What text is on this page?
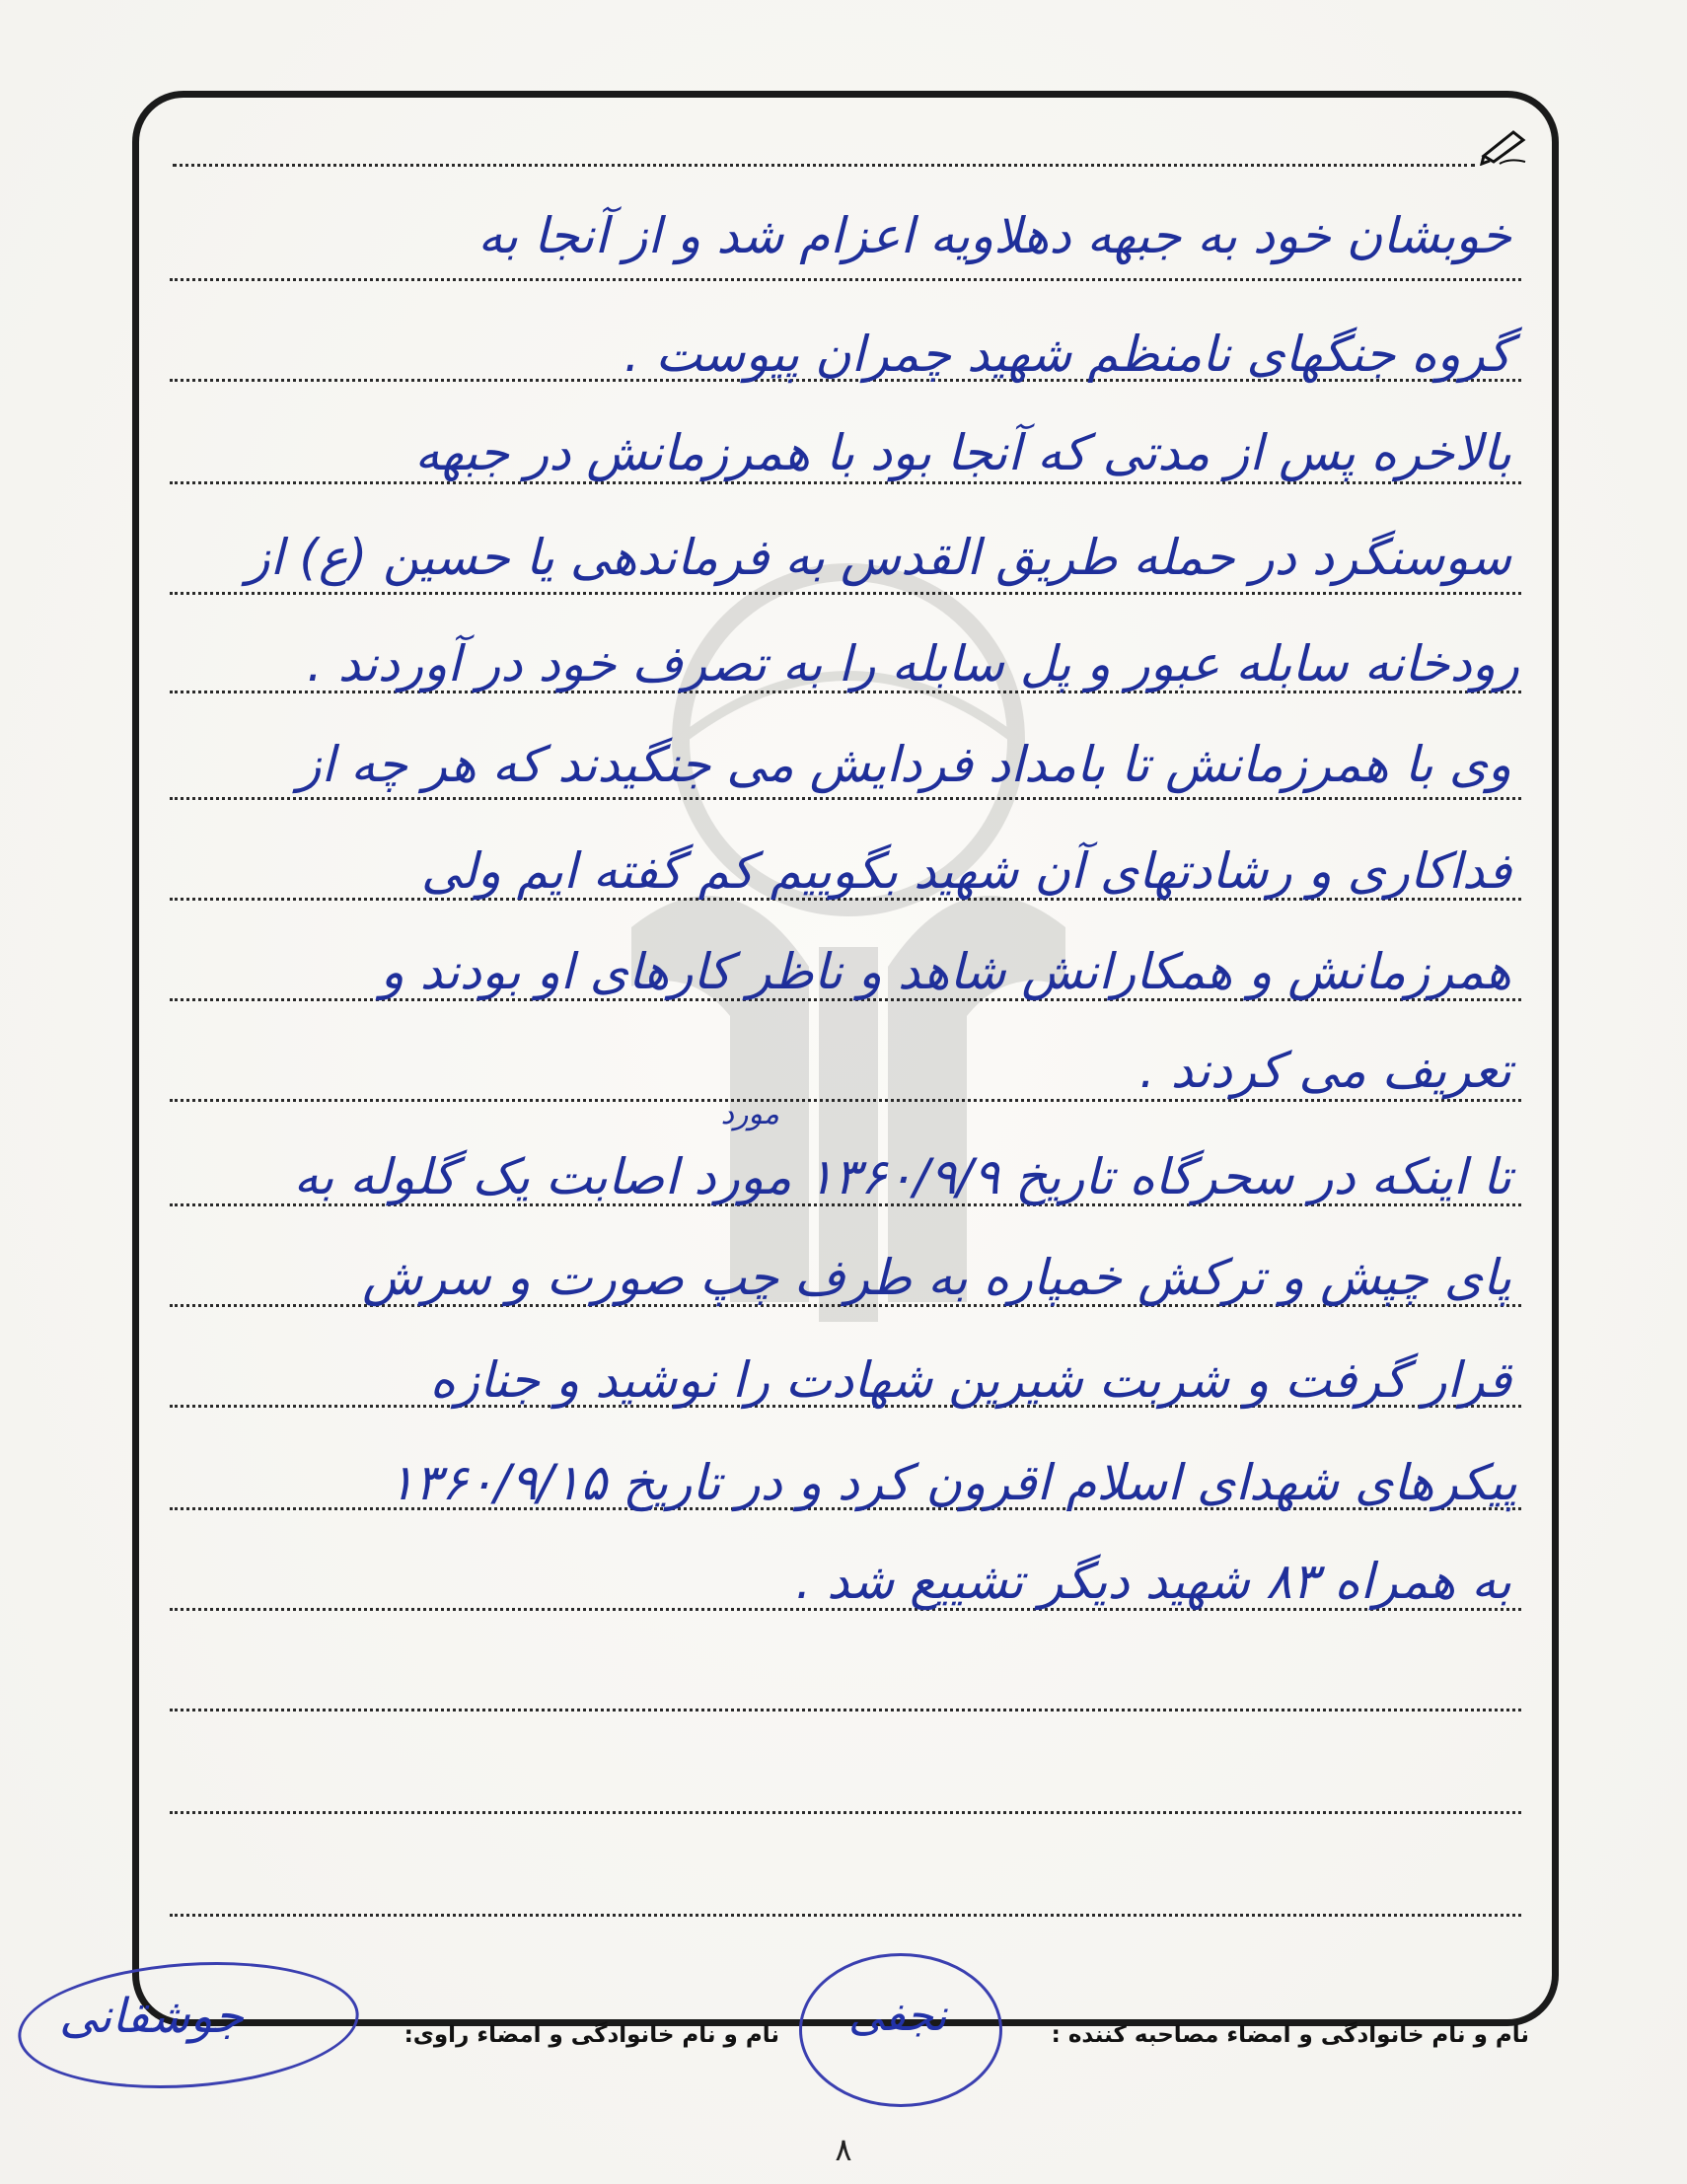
خوبشان خود به جبهه دهلاویه اعزام شد و از آنجا به
گروه جنگهای نامنظم شهید چمران پیوست .
بالاخره پس از مدتی که آنجا بود با همرزمانش در جبهه
سوسنگرد در حمله طریق القدس به فرماندهی یا حسین (ع) از
رودخانه سابله عبور و پل سابله را به تصرف خود در آوردند .
وی با همرزمانش تا بامداد فردایش می جنگیدند که هر چه از
فداکاری و رشادتهای آن شهید بگوییم کم گفته ایم ولی
همرزمانش و همکارانش شاهد و ناظر کارهای او بودند و
تعریف می کردند .
مورد
تا اینکه در سحرگاه تاریخ ۱۳۶۰/۹/۹ مورد اصابت یک گلوله به
پای چپش و ترکش خمپاره به طرف چپ صورت و سرش
قرار گرفت و شربت شیرین شهادت را نوشید و جنازه
پیکرهای شهدای اسلام اقرون کرد و در تاریخ ۱۳۶۰/۹/۱۵
به همراه ۸۳ شهید دیگر تشییع شد .
نام و نام خانوادگی و امضاء مصاحبه کننده :
نام و نام خانوادگی و امضاء راوی: نجفی
جوشقانی
۸
